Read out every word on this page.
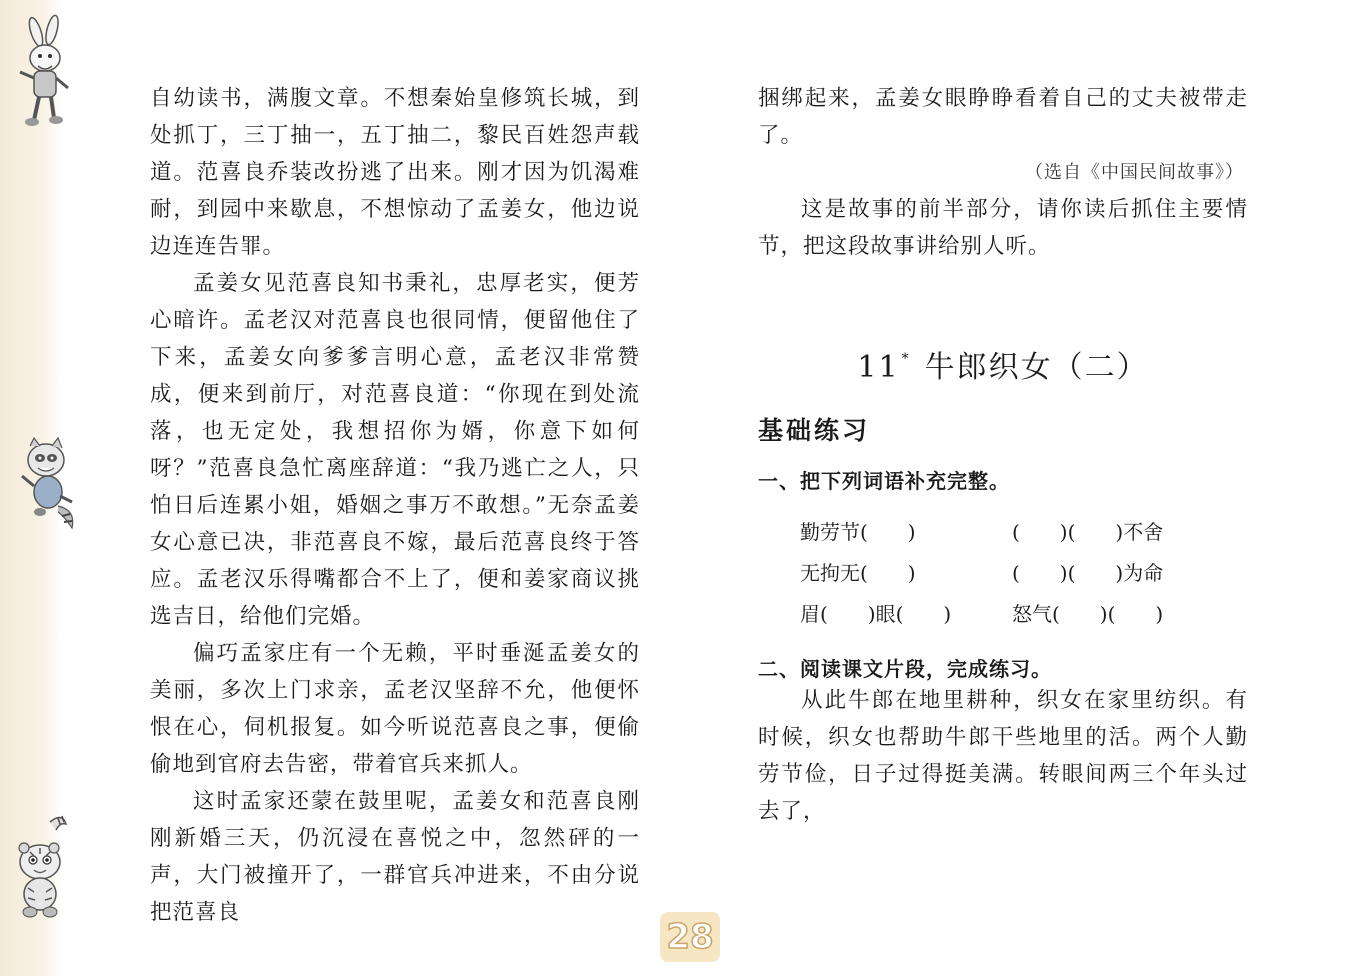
自幼读书，满腹文章。不想秦始皇修筑长城，到处抓丁，三丁抽一，五丁抽二，黎民百姓怨声载道。范喜良乔装改扮逃了出来。刚才因为饥渴难耐，到园中来歇息，不想惊动了孟姜女，他边说边连连告罪。

孟姜女见范喜良知书秉礼，忠厚老实，便芳心暗许。孟老汉对范喜良也很同情，便留他住了下来，孟姜女向爹爹言明心意，孟老汉非常赞成，便来到前厅，对范喜良道：“你现在到处流落，也无定处，我想招你为婿，你意下如何呀？”范喜良急忙离座辞道：“我乃逃亡之人，只怕日后连累小姐，婚姻之事万不敢想。”无奈孟姜女心意已决，非范喜良不嫁，最后范喜良终于答应。孟老汉乐得嘴都合不上了，便和姜家商议挑选吉日，给他们完婚。

偏巧孟家庄有一个无赖，平时垂涎孟姜女的美丽，多次上门求亲，孟老汉坚辞不允，他便怀恨在心，伺机报复。如今听说范喜良之事，便偷偷地到官府去告密，带着官兵来抓人。

这时孟家还蒙在鼓里呢，孟姜女和范喜良刚刚新婚三天，仍沉浸在喜悦之中，忽然砰的一声，大门被撞开了，一群官兵冲进来，不由分说把范喜良

捆绑起来，孟姜女眼睁睁看着自己的丈夫被带走了。

（选自《中国民间故事》）

这是故事的前半部分，请你读后抓住主要情节，把这段故事讲给别人听。

11 * 牛郎织女（二）
基础练习
一、把下列词语补充完整。
勤劳节(　　)	(　　)(　　)不舍
无拘无(　　)	(　　)(　　)为命
眉(　　)眼(　　)	怒气(　　)(　　)
二、阅读课文片段，完成练习。

从此牛郎在地里耕种，织女在家里纺织。有时候，织女也帮助牛郎干些地里的活。两个人勤劳节俭，日子过得挺美满。转眼间两三个年头过去了，

28
